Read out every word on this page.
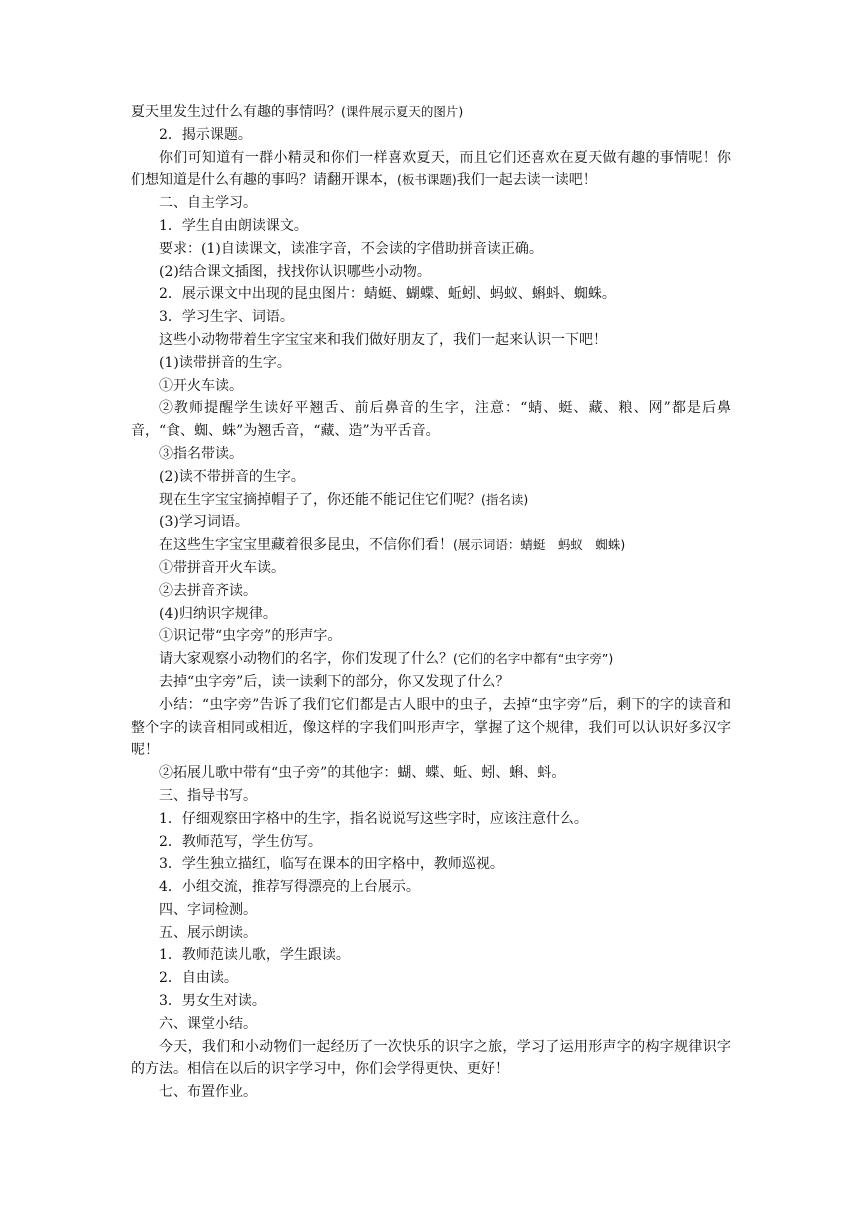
夏天里发生过什么有趣的事情吗？(课件展示夏天的图片)

2．揭示课题。

你们可知道有一群小精灵和你们一样喜欢夏天，而且它们还喜欢在夏天做有趣的事情呢！你们想知道是什么有趣的事吗？请翻开课本，(板书课题)我们一起去读一读吧！

二、自主学习。

1．学生自由朗读课文。

要求：(1)自读课文，读准字音，不会读的字借助拼音读正确。

(2)结合课文插图，找找你认识哪些小动物。

2．展示课文中出现的昆虫图片：蜻蜓、蝴蝶、蚯蚓、蚂蚁、蝌蚪、蜘蛛。

3．学习生字、词语。

这些小动物带着生字宝宝来和我们做好朋友了，我们一起来认识一下吧！

(1)读带拼音的生字。

①开火车读。

②教师提醒学生读好平翘舌、前后鼻音的生字，注意：“蜻、蜓、藏、粮、网”都是后鼻音，“食、蜘、蛛”为翘舌音，“藏、造”为平舌音。

③指名带读。

(2)读不带拼音的生字。

现在生字宝宝摘掉帽子了，你还能不能记住它们呢？(指名读)

(3)学习词语。

在这些生字宝宝里藏着很多昆虫，不信你们看！(展示词语：蜻蜓　蚂蚁　蜘蛛)

①带拼音开火车读。

②去拼音齐读。

(4)归纳识字规律。

①识记带“虫字旁”的形声字。

请大家观察小动物们的名字，你们发现了什么？(它们的名字中都有“虫字旁”)

去掉“虫字旁”后，读一读剩下的部分，你又发现了什么？

小结：“虫字旁”告诉了我们它们都是古人眼中的虫子，去掉“虫字旁”后，剩下的字的读音和整个字的读音相同或相近，像这样的字我们叫形声字，掌握了这个规律，我们可以认识好多汉字呢！

②拓展儿歌中带有“虫子旁”的其他字：蝴、蝶、蚯、蚓、蝌、蚪。

三、指导书写。

1．仔细观察田字格中的生字，指名说说写这些字时，应该注意什么。

2．教师范写，学生仿写。

3．学生独立描红，临写在课本的田字格中，教师巡视。

4．小组交流，推荐写得漂亮的上台展示。

四、字词检测。

五、展示朗读。

1．教师范读儿歌，学生跟读。

2．自由读。

3．男女生对读。

六、课堂小结。

今天，我们和小动物们一起经历了一次快乐的识字之旅，学习了运用形声字的构字规律识字的方法。相信在以后的识字学习中，你们会学得更快、更好！

七、布置作业。
